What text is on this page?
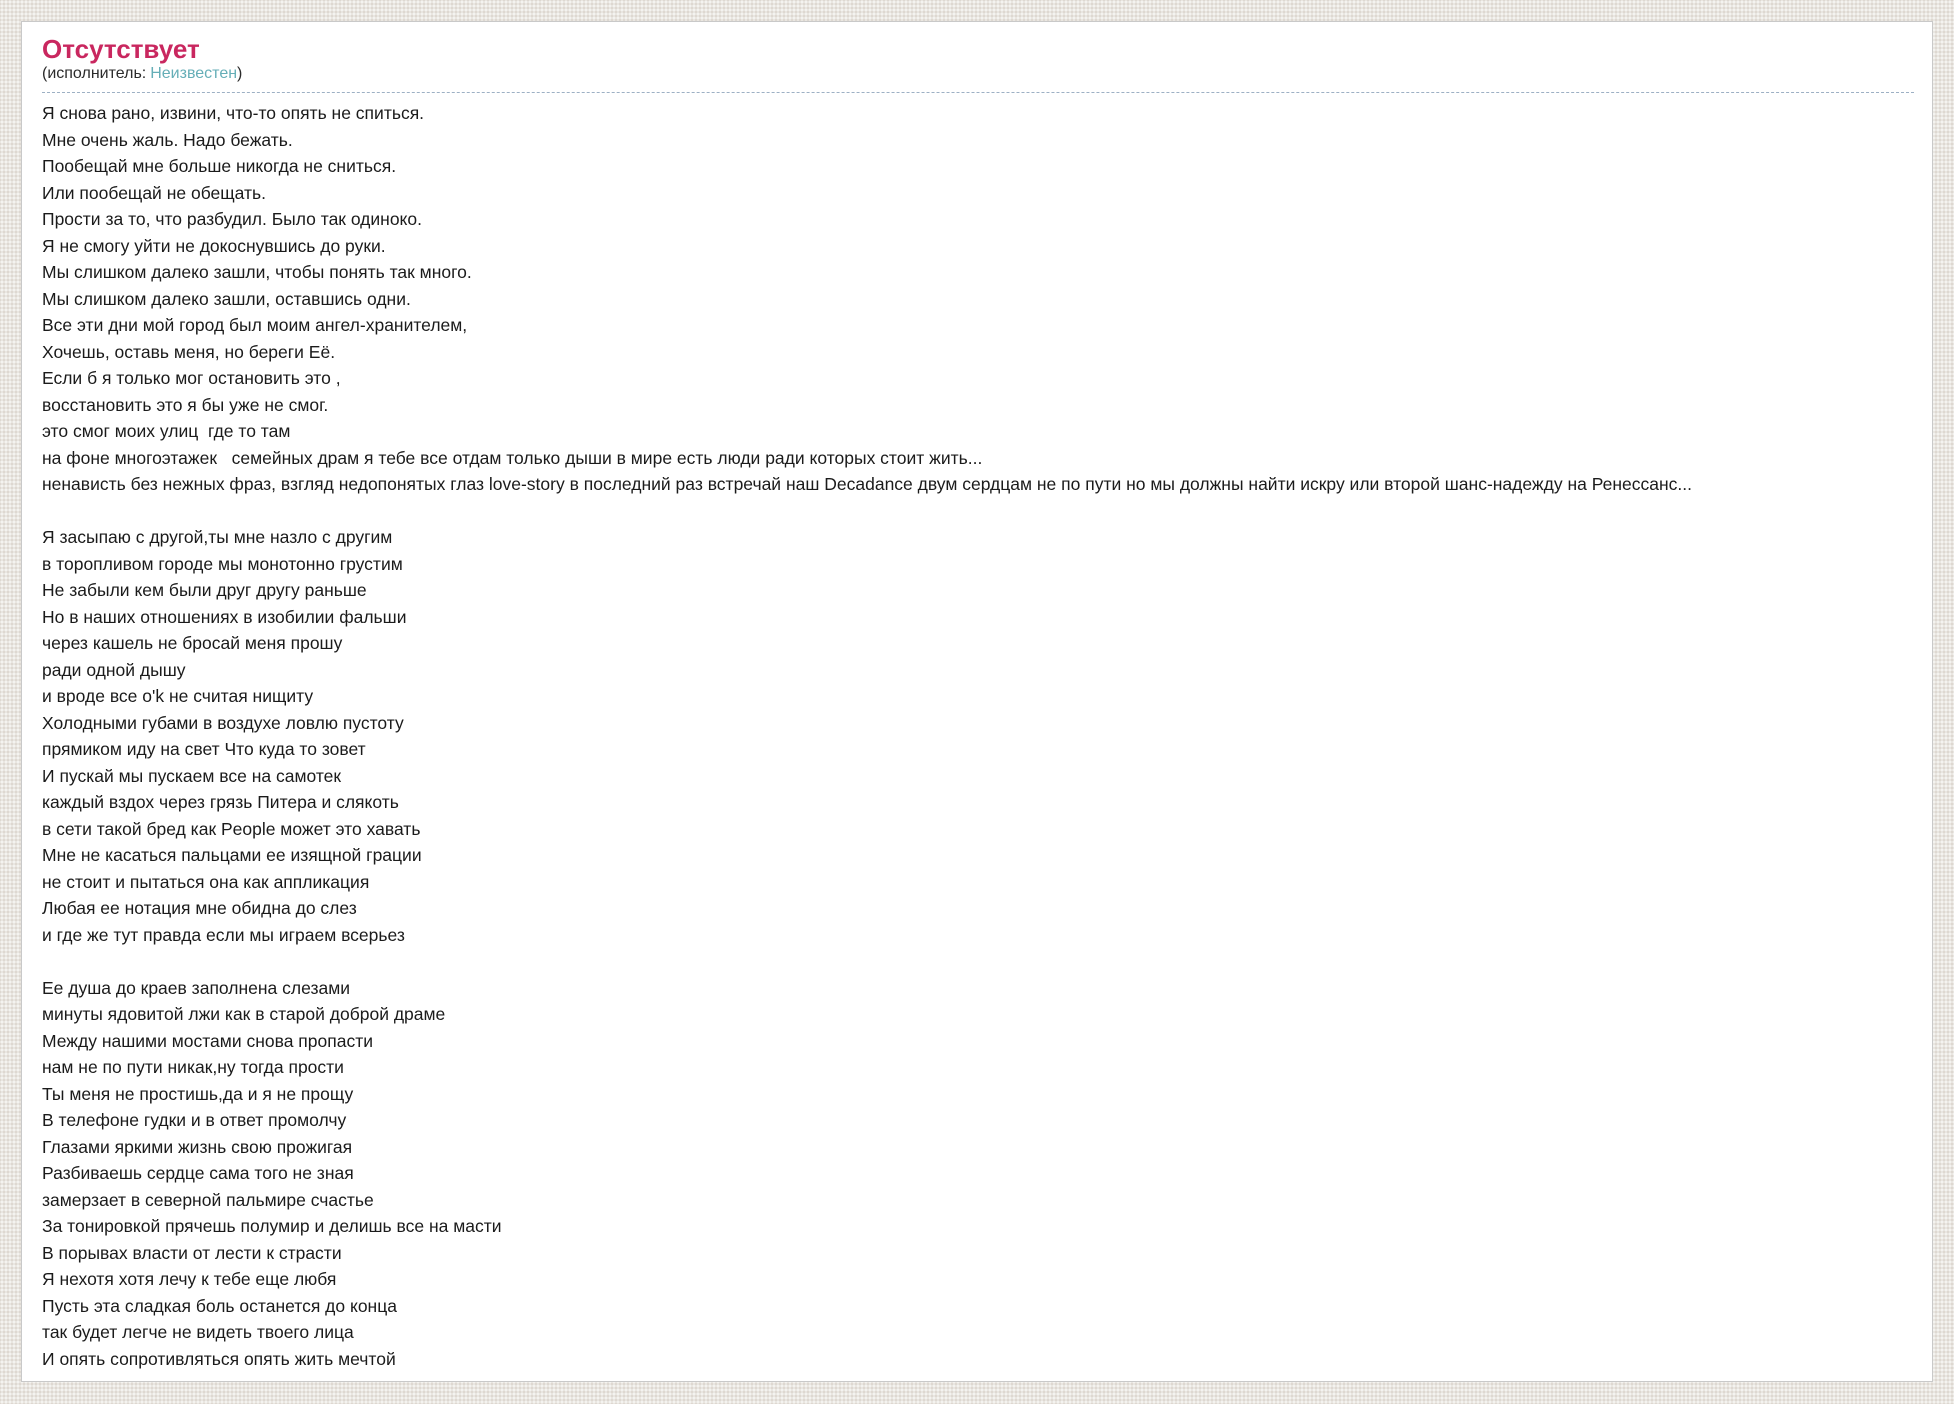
Отсутствует
(исполнитель: Неизвестен)
Я снова рано, извини, что-то опять не спиться.
Мне очень жаль. Надо бежать.
Пообещай мне больше никогда не сниться.
Или пообещай не обещать.
Прости за то, что разбудил. Было так одиноко.
Я не смогу уйти не докоснувшись до руки.
Мы слишком далеко зашли, чтобы понять так много.
Мы слишком далеко зашли, оставшись одни.
Все эти дни мой город был моим ангел-хранителем,
Хочешь, оставь меня, но береги Её.
Если б я только мог остановить это ,
восстановить это я бы уже не смог.
это смог моих улиц  где то там
на фоне многоэтажек   семейных драм я тебе все отдам только дыши в мире есть люди ради которых стоит жить...
ненависть без нежных фраз, взгляд недопонятых глаз love-story в последний раз встречай наш Decadance двум сердцам не по пути но мы должны найти искру или второй шанс-надежду на Ренессанс...
Я засыпаю с другой,ты мне назло с другим
в торопливом городе мы монотонно грустим
Не забыли кем были друг другу раньше
Но в наших отношениях в изобилии фальши
через кашель не бросай меня прошу
ради одной дышу
и вроде все o'k не считая нищиту
Холодными губами в воздухе ловлю пустоту
прямиком иду на свет Что куда то зовет
И пускай мы пускаем все на самотек
каждый вздох через грязь Питера и слякоть
в сети такой бред как People может это хавать
Мне не касаться пальцами ее изящной грации
не стоит и пытаться она как аппликация
Любая ее нотация мне обидна до слез
и где же тут правда если мы играем всерьез
Ее душа до краев заполнена слезами
минуты ядовитой лжи как в старой доброй драме
Между нашими мостами снова пропасти
нам не по пути никак,ну тогда прости
Ты меня не простишь,да и я не прощу
В телефоне гудки и в ответ промолчу
Глазами яркими жизнь свою прожигая
Разбиваешь сердце сама того не зная
замерзает в северной пальмире счастье
За тонировкой прячешь полумир и делишь все на масти
В порывах власти от лести к страсти
Я нехотя хотя лечу к тебе еще любя
Пусть эта сладкая боль останется до конца
так будет легче не видеть твоего лица
И опять сопротивляться опять жить мечтой
